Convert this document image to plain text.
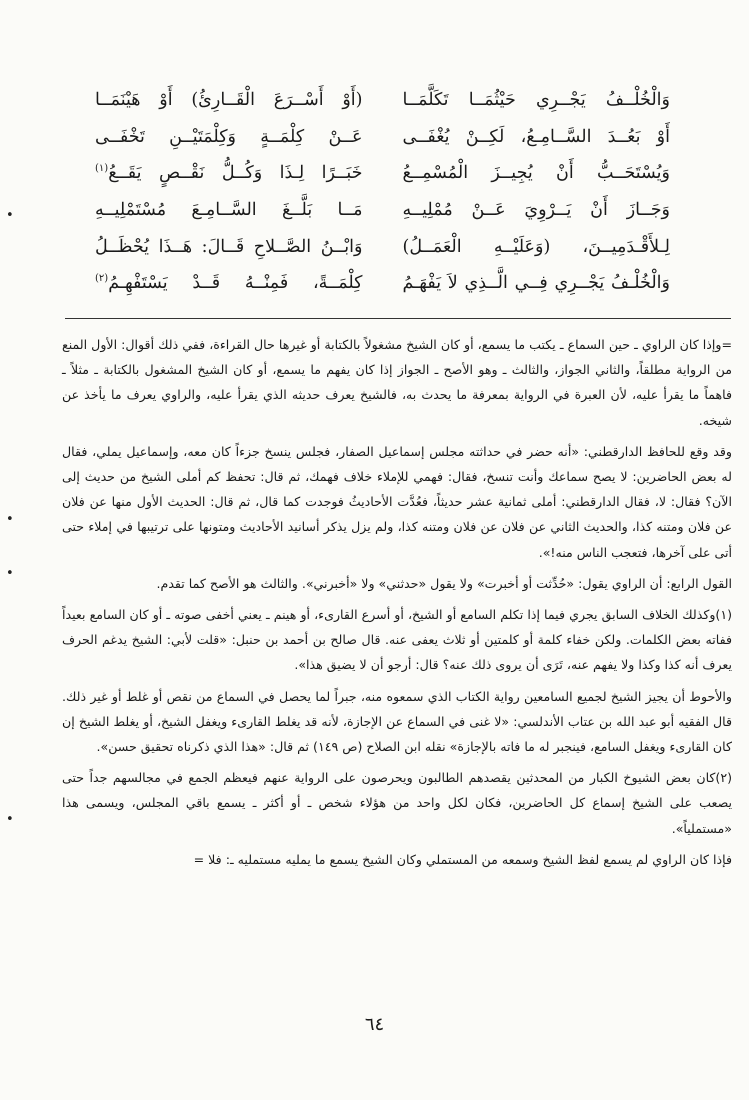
وَالْخُلْــفُ يَجْــرِي حَيْثُمَــا تَكَلَّمَــا
(أَوْ أَسْــرَعَ الْقَــارِئُ) أَوْ هَيْنَمَــا
أَوْ بَعُــدَ السَّــامِـعُ، لَكِــنْ يُغْفَــى
عَــنْ كِلْمَــةٍ وَكِلْمَتَيْــنِ تَخْفَــى
وَيُسْتَحَــبُّ أَنْ يُجِيــزَ الْمُسْمِــعُ
خَبَــرًا لِـذَا وَكُــلُّ نَقْــصٍ يَقَــعُ$^{(١)}$
وَجَــازَ أَنْ يَــرْوِيَ عَــنْ مُمْلِيــهِ
مَــا بَلَّــغَ السَّــامِـعَ مُسْتَمْلِيــهِ
لِـلأَقْـدَمِيــنَ، (وَعَلَيْــهِ الْعَمَــلُ)
وَابْــنُ الصَّــلاحِ قَــالَ: هَــذَا يُحْظَــلُ
وَالْخُلْـفُ يَجْــرِي فِــي الَّــذِي لاَ يَفْهَـمُ
كِلْمَــةً، فَمِنْــهُ قَــدْ يَسْتَفْهِـمُ$^{(٢)}$

=وإذا كان الراوي ـ حين السماع ـ يكتب ما يسمع، أو كان الشيخ مشغولاً بالكتابة أو غيرها حال القراءة، ففي ذلك أقوال: الأول المنع من الرواية مطلقاً، والثاني الجواز، والثالث ـ وهو الأصح ـ الجواز إذا كان يفهم ما يسمع، أو كان الشيخ المشغول بالكتابة ـ مثلاً ـ فاهماً ما يقرأ عليه، لأن العبرة في الرواية بمعرفة ما يحدث به، فالشيخ يعرف حديثه الذي يقرأ عليه، والراوي يعرف ما يأخذ عن شيخه.

وقد وقع للحافظ الدارقطني: «أنه حضر في حداثته مجلس إسماعيل الصفار، فجلس ينسخ جزءاً كان معه، وإسماعيل يملي، فقال له بعض الحاضرين: لا يصح سماعك وأنت تنسخ، فقال: فهمي للإملاء خلاف فهمك، ثم قال: تحفظ كم أملى الشيخ من حديث إلى الآن؟ فقال: لا، فقال الدارقطني: أملى ثمانية عشر حديثاً، فعُدَّت الأحاديثُ فوجدت كما قال، ثم قال: الحديث الأول منها عن فلان عن فلان ومتنه كذا، والحديث الثاني عن فلان عن فلان ومتنه كذا، ولم يزل يذكر أسانيد الأحاديث ومتونها على ترتيبها في إملاء حتى أتى على آخرها، فتعجب الناس منه!».

القول الرابع: أن الراوي يقول: «حُدِّثت أو أخبرت» ولا يقول «حدثني» ولا «أخبرني». والثالث هو الأصح كما تقدم.

(١)وكذلك الخلاف السابق يجري فيما إذا تكلم السامع أو الشيخ، أو أسرع القارىء، أو هينم ـ يعني أخفى صوته ـ أو كان السامع بعيداً ففاته بعض الكلمات. ولكن خفاء كلمة أو كلمتين أو ثلاث يعفى عنه. قال صالح بن أحمد بن حنبل: «قلت لأبي: الشيخ يدغم الحرف يعرف أنه كذا وكذا ولا يفهم عنه، تَرَى أن يروى ذلك عنه؟ قال: أرجو أن لا يضيق هذا».

والأحوط أن يجيز الشيخ لجميع السامعين رواية الكتاب الذي سمعوه منه، جبراً لما يحصل في السماع من نقص أو غلط أو غير ذلك. قال الفقيه أبو عبد الله بن عتاب الأندلسي: «لا غنى في السماع عن الإجازة، لأنه قد يغلط القارىء ويغفل الشيخ، أو يغلط الشيخ إن كان القارىء ويغفل السامع، فينجبر له ما فاته بالإجازة» نقله ابن الصلاح (ص ١٤٩) ثم قال: «هذا الذي ذكرناه تحقيق حسن».

(٢)كان بعض الشيوخ الكبار من المحدثين يقصدهم الطالبون ويحرصون على الرواية عنهم فيعظم الجمع في مجالسهم جداً حتى يصعب على الشيخ إسماع كل الحاضرين، فكان لكل واحد من هؤلاء شخص ـ أو أكثر ـ يسمع باقي المجلس، ويسمى هذا «مستملياً».

فإذا كان الراوي لم يسمع لفظ الشيخ وسمعه من المستملي وكان الشيخ يسمع ما يمليه مستمليه ـ: فلا =

٦٤
•
•
•
•
